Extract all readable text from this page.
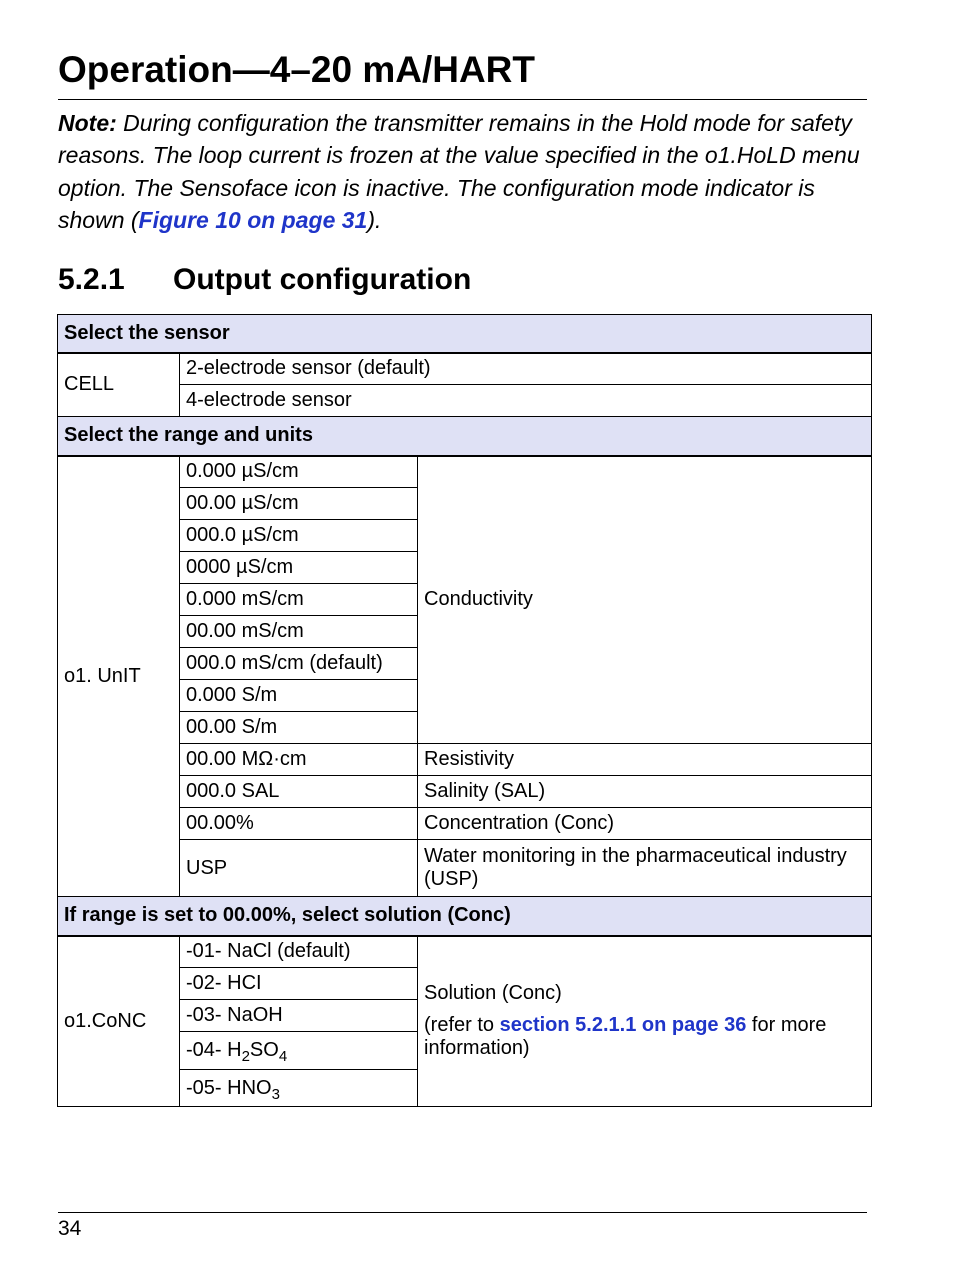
Operation—4–20 mA/HART

Note: During configuration the transmitter remains in the Hold mode for safety reasons. The loop current is frozen at the value specified in the o1.HoLD menu option. The Sensoface icon is inactive. The configuration mode indicator is shown (Figure 10 on page 31).

5.2.1 Output configuration
Select the sensor		
CELL	2-electrode sensor (default)	
	4-electrode sensor	
Select the range and units		
o1. UnIT	0.000 µS/cm	Conductivity
	00.00 µS/cm	
	000.0 µS/cm	
	0000 µS/cm	
	0.000 mS/cm	
	00.00 mS/cm	
	000.0 mS/cm (default)	
	0.000 S/m	
	00.00 S/m	
	00.00 MΩ·cm	Resistivity
	000.0 SAL	Salinity (SAL)
	00.00%	Concentration (Conc)
	USP	Water monitoring in the pharmaceutical industry (USP)
If range is set to 00.00%, select solution (Conc)		
o1.CoNC	-01- NaCl (default)	Solution (Conc)
(refer to section 5.2.1.1 on page 36 for more information)

	-02- HCI	
	-03- NaOH	
	-04- $H_2SO_4$
	-05- $HNO_3$
34
